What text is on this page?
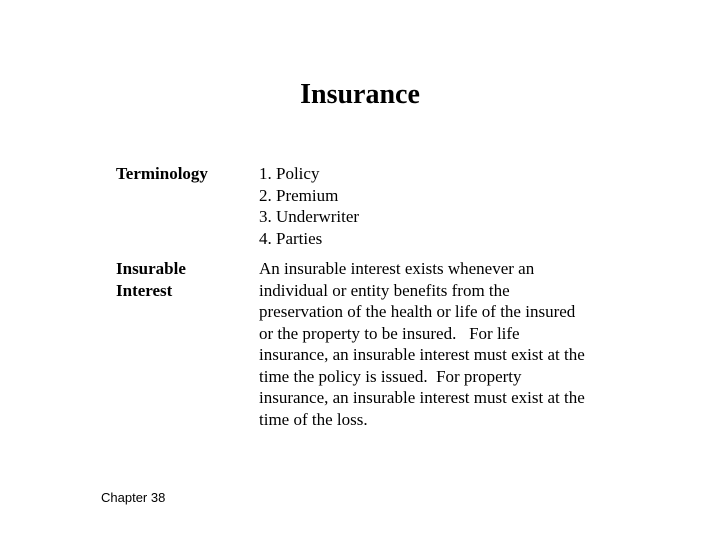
Insurance
Terminology	1. Policy
2. Premium
3. Underwriter
4. Parties
Insurable
Interest
An insurable interest exists whenever an
individual or entity benefits from the
preservation of the health or life of the insured
or the property to be insured.   For life
insurance, an insurable interest must exist at the
time the policy is issued.  For property
insurance, an insurable interest must exist at the
time of the loss.
Chapter 38
